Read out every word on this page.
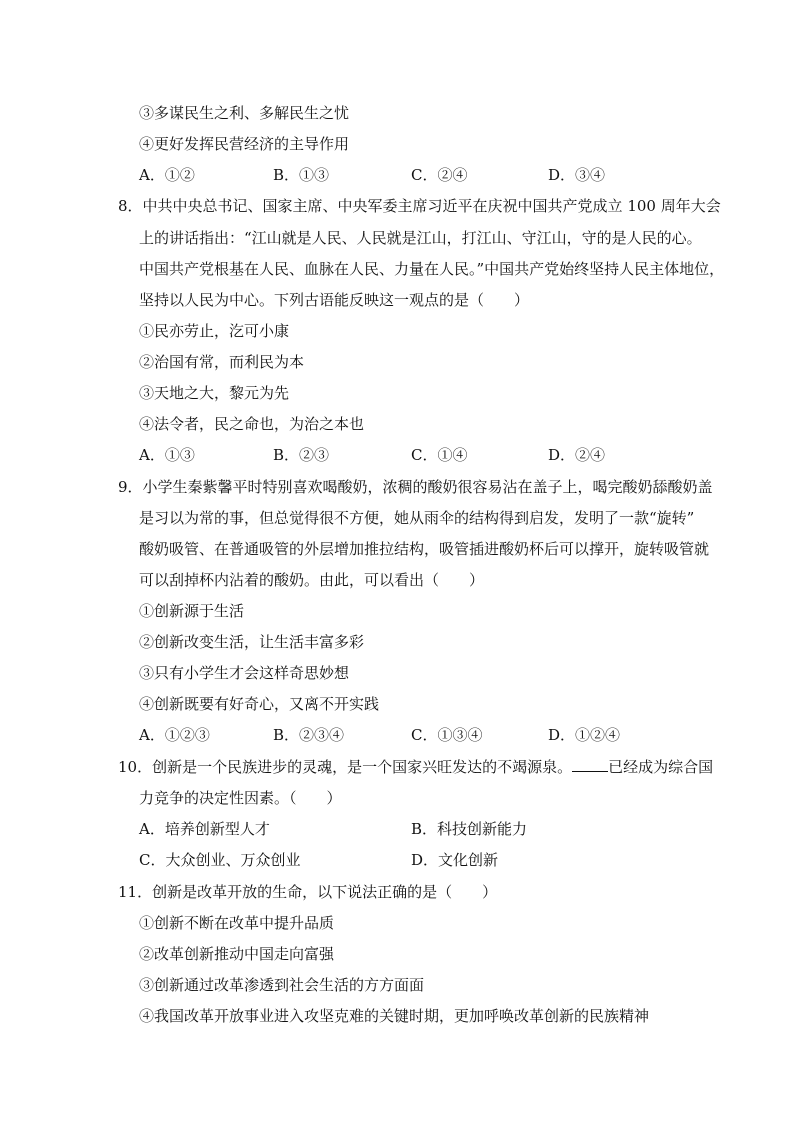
③多谋民生之利、多解民生之忧
④更好发挥民营经济的主导作用
A．①②	B．①③	C．②④	D．③④
8．中共中央总书记、国家主席、中央军委主席习近平在庆祝中国共产党成立 100 周年大会
上的讲话指出：“江山就是人民、人民就是江山，打江山、守江山，守的是人民的心。
中国共产党根基在人民、血脉在人民、力量在人民。”中国共产党始终坚持人民主体地位，
坚持以人民为中心。下列古语能反映这一观点的是（　　）
①民亦劳止，汔可小康
②治国有常，而利民为本
③天地之大，黎元为先
④法令者，民之命也，为治之本也
A．①③	B．②③	C．①④	D．②④
9．小学生秦紫馨平时特别喜欢喝酸奶，浓稠的酸奶很容易沾在盖子上，喝完酸奶舔酸奶盖
是习以为常的事，但总觉得很不方便，她从雨伞的结构得到启发，发明了一款“旋转”
酸奶吸管、在普通吸管的外层增加推拉结构，吸管插进酸奶杯后可以撑开，旋转吸管就
可以刮掉杯内沾着的酸奶。由此，可以看出（　　）
①创新源于生活
②创新改变生活，让生活丰富多彩
③只有小学生才会这样奇思妙想
④创新既要有好奇心，又离不开实践
A．①②③	B．②③④	C．①③④	D．①②④
10．创新是一个民族进步的灵魂，是一个国家兴旺发达的不竭源泉。 已经成为综合国
力竞争的决定性因素。（　　）
A．培养创新型人才	B．科技创新能力
C．大众创业、万众创业	D．文化创新
11．创新是改革开放的生命，以下说法正确的是（　　）
①创新不断在改革中提升品质
②改革创新推动中国走向富强
③创新通过改革渗透到社会生活的方方面面
④我国改革开放事业进入攻坚克难的关键时期，更加呼唤改革创新的民族精神
